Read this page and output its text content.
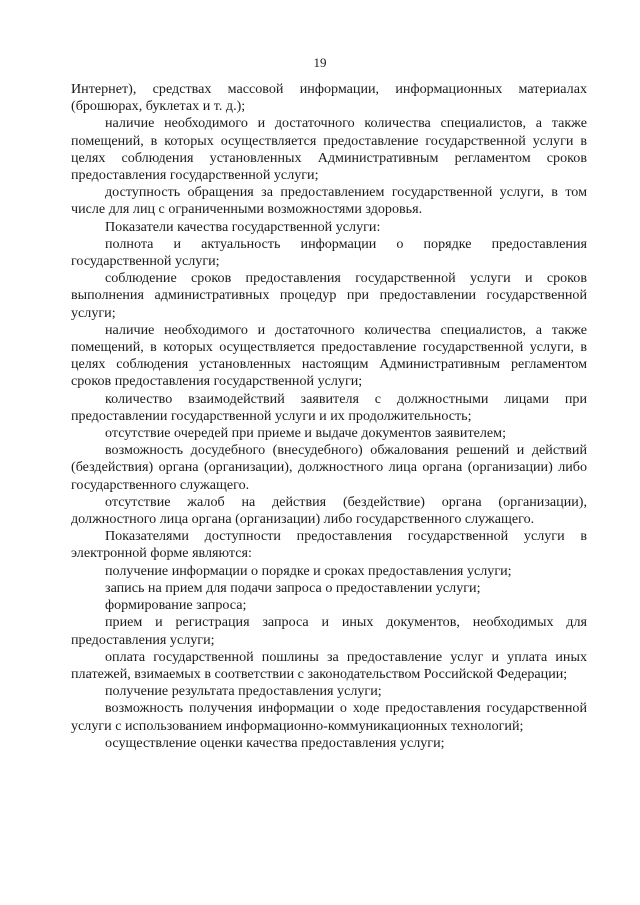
19

Интернет), средствах массовой информации, информационных материалах (брошюрах, буклетах и т. д.);

наличие необходимого и достаточного количества специалистов, а также помещений, в которых осуществляется предоставление государственной услуги в целях соблюдения установленных Административным регламентом сроков предоставления государственной услуги;

доступность обращения за предоставлением государственной услуги, в том числе для лиц с ограниченными возможностями здоровья.

Показатели качества государственной услуги:

полнота и актуальность информации о порядке предоставления государственной услуги;

соблюдение сроков предоставления государственной услуги и сроков выполнения административных процедур при предоставлении государственной услуги;

наличие необходимого и достаточного количества специалистов, а также помещений, в которых осуществляется предоставление государственной услуги, в целях соблюдения установленных настоящим Административным регламентом сроков предоставления государственной услуги;

количество взаимодействий заявителя с должностными лицами при предоставлении государственной услуги и их продолжительность;

отсутствие очередей при приеме и выдаче документов заявителем;

возможность досудебного (внесудебного) обжалования решений и действий (бездействия) органа (организации), должностного лица органа (организации) либо государственного служащего.

отсутствие жалоб на действия (бездействие) органа (организации), должностного лица органа (организации) либо государственного служащего.

Показателями доступности предоставления государственной услуги в электронной форме являются:

получение информации о порядке и сроках предоставления услуги;

запись на прием для подачи запроса о предоставлении услуги;

формирование запроса;

прием и регистрация запроса и иных документов, необходимых для предоставления услуги;

оплата государственной пошлины за предоставление услуг и уплата иных платежей, взимаемых в соответствии с законодательством Российской Федерации;

получение результата предоставления услуги;

возможность получения информации о ходе предоставления государственной услуги с использованием информационно-коммуникационных технологий;

осуществление оценки качества предоставления услуги;
